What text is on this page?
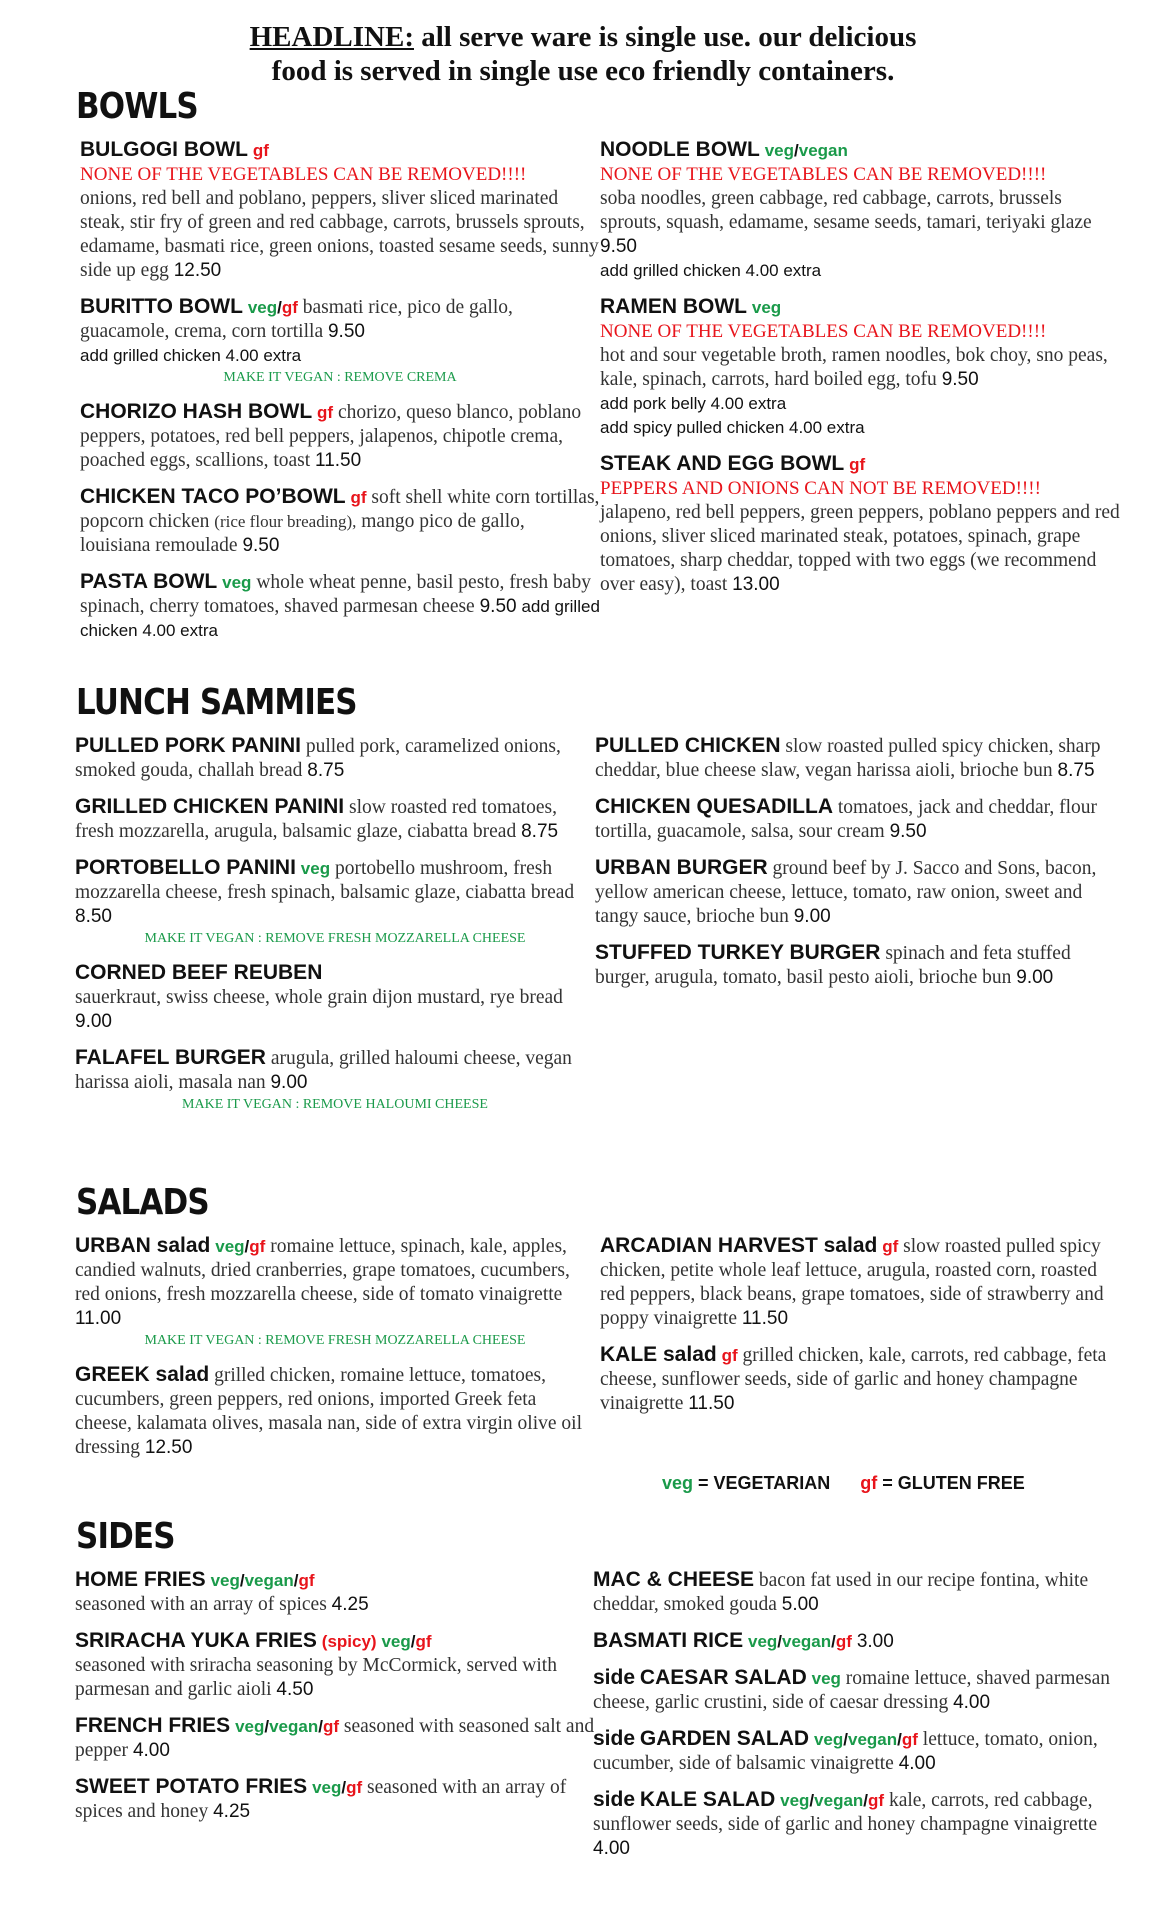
HEADLINE: all serve ware is single use. our delicious
food is served in single use eco friendly containers.
BOWLS
BULGOGI BOWL gf
NONE OF THE VEGETABLES CAN BE REMOVED!!!!
onions, red bell and poblano, peppers, sliver sliced marinated steak, stir fry of green and red cabbage, carrots, brussels sprouts, edamame, basmati rice, green onions, toasted sesame seeds, sunny side up egg 12.50
BURITTO BOWL veg/gf basmati rice, pico de gallo, guacamole, crema, corn tortilla 9.50
add grilled chicken 4.00 extra
MAKE IT VEGAN : REMOVE CREMA
CHORIZO HASH BOWL gf chorizo, queso blanco, poblano peppers, potatoes, red bell peppers, jalapenos, chipotle crema, poached eggs, scallions, toast 11.50
CHICKEN TACO PO’BOWL gf soft shell white corn tortillas, popcorn chicken (rice flour breading), mango pico de gallo, louisiana remoulade 9.50
PASTA BOWL veg whole wheat penne, basil pesto, fresh baby spinach, cherry tomatoes, shaved parmesan cheese 9.50 add grilled chicken 4.00 extra
NOODLE BOWL veg/vegan
NONE OF THE VEGETABLES CAN BE REMOVED!!!!
soba noodles, green cabbage, red cabbage, carrots, brussels sprouts, squash, edamame, sesame seeds, tamari, teriyaki glaze 9.50
add grilled chicken 4.00 extra
RAMEN BOWL veg
NONE OF THE VEGETABLES CAN BE REMOVED!!!!
hot and sour vegetable broth, ramen noodles, bok choy, sno peas, kale, spinach, carrots, hard boiled egg, tofu 9.50
add pork belly 4.00 extra
add spicy pulled chicken 4.00 extra
STEAK AND EGG BOWL gf
PEPPERS AND ONIONS CAN NOT BE REMOVED!!!!
jalapeno, red bell peppers, green peppers, poblano peppers and red onions, sliver sliced marinated steak, potatoes, spinach, grape tomatoes, sharp cheddar, topped with two eggs (we recommend over easy), toast 13.00
LUNCH SAMMIES
PULLED PORK PANINI pulled pork, caramelized onions, smoked gouda, challah bread 8.75
GRILLED CHICKEN PANINI slow roasted red tomatoes, fresh mozzarella, arugula, balsamic glaze, ciabatta bread 8.75
PORTOBELLO PANINI veg portobello mushroom, fresh mozzarella cheese, fresh spinach, balsamic glaze, ciabatta bread 8.50
MAKE IT VEGAN : REMOVE FRESH MOZZARELLA CHEESE
CORNED BEEF REUBEN
sauerkraut, swiss cheese, whole grain dijon mustard, rye bread 9.00
FALAFEL BURGER arugula, grilled haloumi cheese, vegan harissa aioli, masala nan 9.00
MAKE IT VEGAN : REMOVE HALOUMI CHEESE
PULLED CHICKEN slow roasted pulled spicy chicken, sharp cheddar, blue cheese slaw, vegan harissa aioli, brioche bun 8.75
CHICKEN QUESADILLA tomatoes, jack and cheddar, flour tortilla, guacamole, salsa, sour cream 9.50
URBAN BURGER ground beef by J. Sacco and Sons, bacon, yellow american cheese, lettuce, tomato, raw onion, sweet and tangy sauce, brioche bun 9.00
STUFFED TURKEY BURGER spinach and feta stuffed burger, arugula, tomato, basil pesto aioli, brioche bun 9.00
SALADS
URBAN salad veg/gf romaine lettuce, spinach, kale, apples, candied walnuts, dried cranberries, grape tomatoes, cucumbers, red onions, fresh mozzarella cheese, side of tomato vinaigrette 11.00
MAKE IT VEGAN : REMOVE FRESH MOZZARELLA CHEESE
GREEK salad grilled chicken, romaine lettuce, tomatoes, cucumbers, green peppers, red onions, imported Greek feta cheese, kalamata olives, masala nan, side of extra virgin olive oil dressing 12.50
ARCADIAN HARVEST salad gf slow roasted pulled spicy chicken, petite whole leaf lettuce, arugula, roasted corn, roasted red peppers, black beans, grape tomatoes, side of strawberry and poppy vinaigrette 11.50
KALE salad gf grilled chicken, kale, carrots, red cabbage, feta cheese, sunflower seeds, side of garlic and honey champagne vinaigrette 11.50
veg = VEGETARIAN gf = GLUTEN FREE
SIDES
HOME FRIES veg/vegan/gf
seasoned with an array of spices 4.25
SRIRACHA YUKA FRIES (spicy) veg/gf
seasoned with sriracha seasoning by McCormick, served with parmesan and garlic aioli 4.50
FRENCH FRIES veg/vegan/gf seasoned with seasoned salt and pepper 4.00
SWEET POTATO FRIES veg/gf seasoned with an array of spices and honey 4.25
MAC & CHEESE bacon fat used in our recipe fontina, white cheddar, smoked gouda 5.00
BASMATI RICE veg/vegan/gf 3.00
side CAESAR SALAD veg romaine lettuce, shaved parmesan cheese, garlic crustini, side of caesar dressing 4.00
side GARDEN SALAD veg/vegan/gf lettuce, tomato, onion, cucumber, side of balsamic vinaigrette 4.00
side KALE SALAD veg/vegan/gf kale, carrots, red cabbage, sunflower seeds, side of garlic and honey champagne vinaigrette 4.00
